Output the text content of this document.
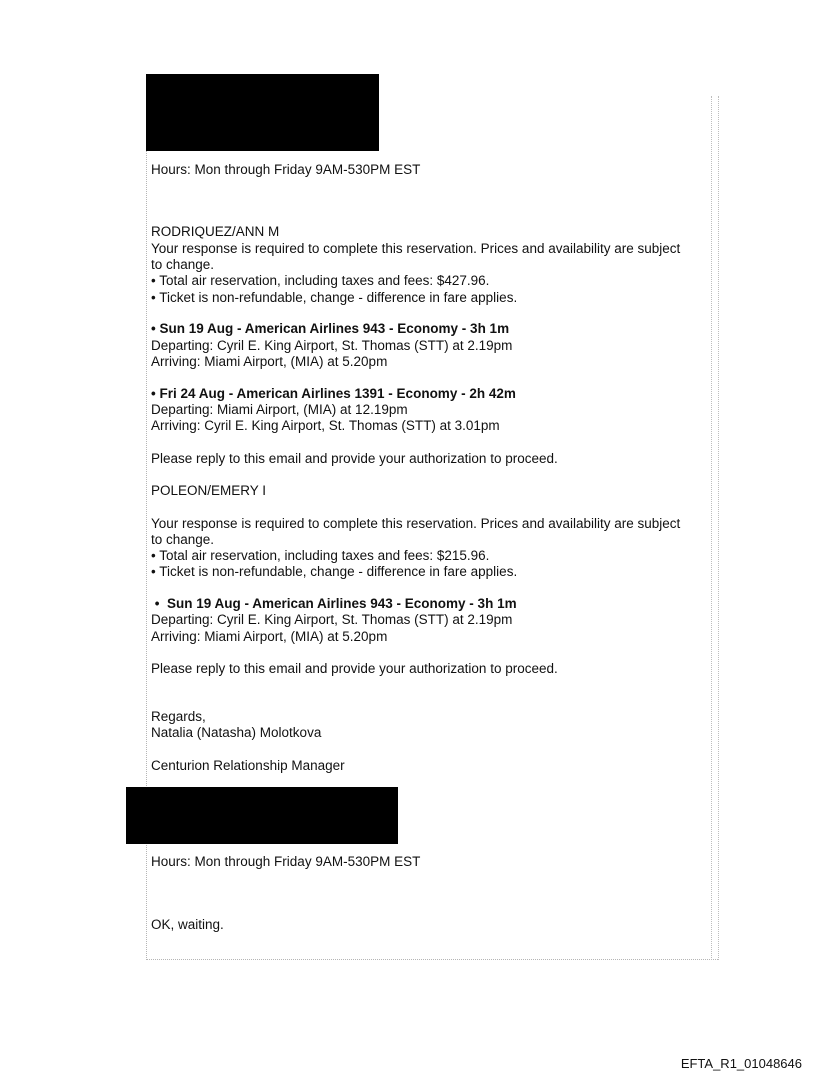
Hours: Mon through Friday 9AM-530PM EST
RODRIQUEZ/ANN M
Your response is required to complete this reservation. Prices and availability are subject
to change.
• Total air reservation, including taxes and fees: $427.96.
• Ticket is non-refundable, change - difference in fare applies.
• Sun 19 Aug - American Airlines 943 - Economy - 3h 1m
Departing: Cyril E. King Airport, St. Thomas (STT) at 2.19pm
Arriving: Miami Airport, (MIA) at 5.20pm
• Fri 24 Aug - American Airlines 1391 - Economy - 2h 42m
Departing: Miami Airport, (MIA) at 12.19pm
Arriving: Cyril E. King Airport, St. Thomas (STT) at 3.01pm
Please reply to this email and provide your authorization to proceed.
POLEON/EMERY I
Your response is required to complete this reservation. Prices and availability are subject
to change.
• Total air reservation, including taxes and fees: $215.96.
• Ticket is non-refundable, change - difference in fare applies.
•  Sun 19 Aug - American Airlines 943 - Economy - 3h 1m
Departing: Cyril E. King Airport, St. Thomas (STT) at 2.19pm
Arriving: Miami Airport, (MIA) at 5.20pm
Please reply to this email and provide your authorization to proceed.
Regards,
Natalia (Natasha) Molotkova
Centurion Relationship Manager
Hours: Mon through Friday 9AM-530PM EST
OK, waiting.
EFTA_R1_01048646
